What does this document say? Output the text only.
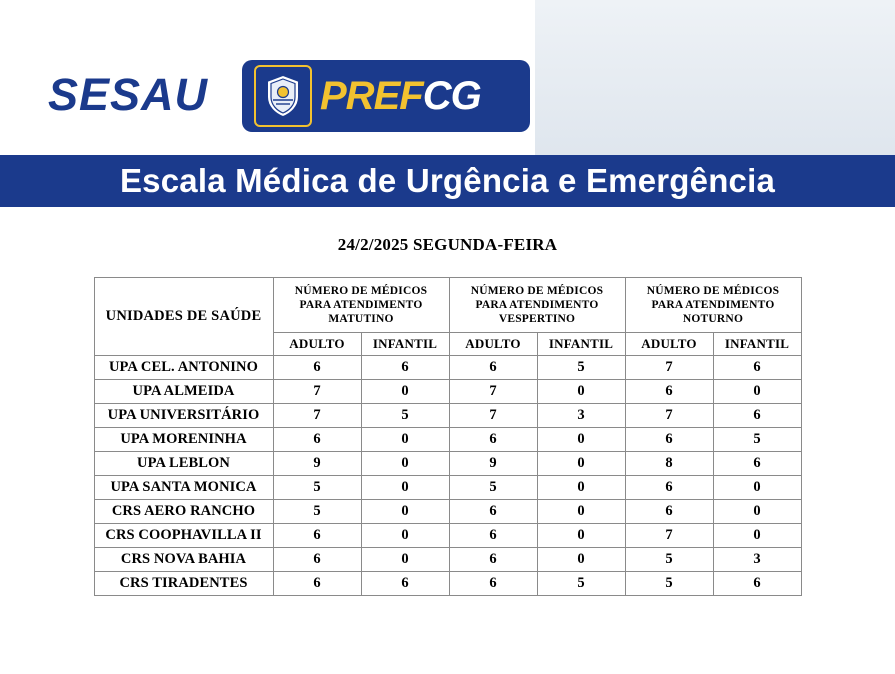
SESAU	PREFCG
Escala Médica de Urgência e Emergência
24/2/2025 SEGUNDA-FEIRA
UNIDADES DE SAÚDE	NÚMERO DE MÉDICOS PARA ATENDIMENTO MATUTINO		NÚMERO DE MÉDICOS PARA ATENDIMENTO VESPERTINO		NÚMERO DE MÉDICOS PARA ATENDIMENTO NOTURNO	
	ADULTO	INFANTIL	ADULTO	INFANTIL	ADULTO	INFANTIL
UPA CEL. ANTONINO	6	6	6	5	7	6
UPA ALMEIDA	7	0	7	0	6	0
UPA UNIVERSITÁRIO	7	5	7	3	7	6
UPA MORENINHA	6	0	6	0	6	5
UPA LEBLON	9	0	9	0	8	6
UPA SANTA MONICA	5	0	5	0	6	0
CRS AERO RANCHO	5	0	6	0	6	0
CRS COOPHAVILLA II	6	0	6	0	7	0
CRS NOVA BAHIA	6	0	6	0	5	3
CRS TIRADENTES	6	6	6	5	5	6
